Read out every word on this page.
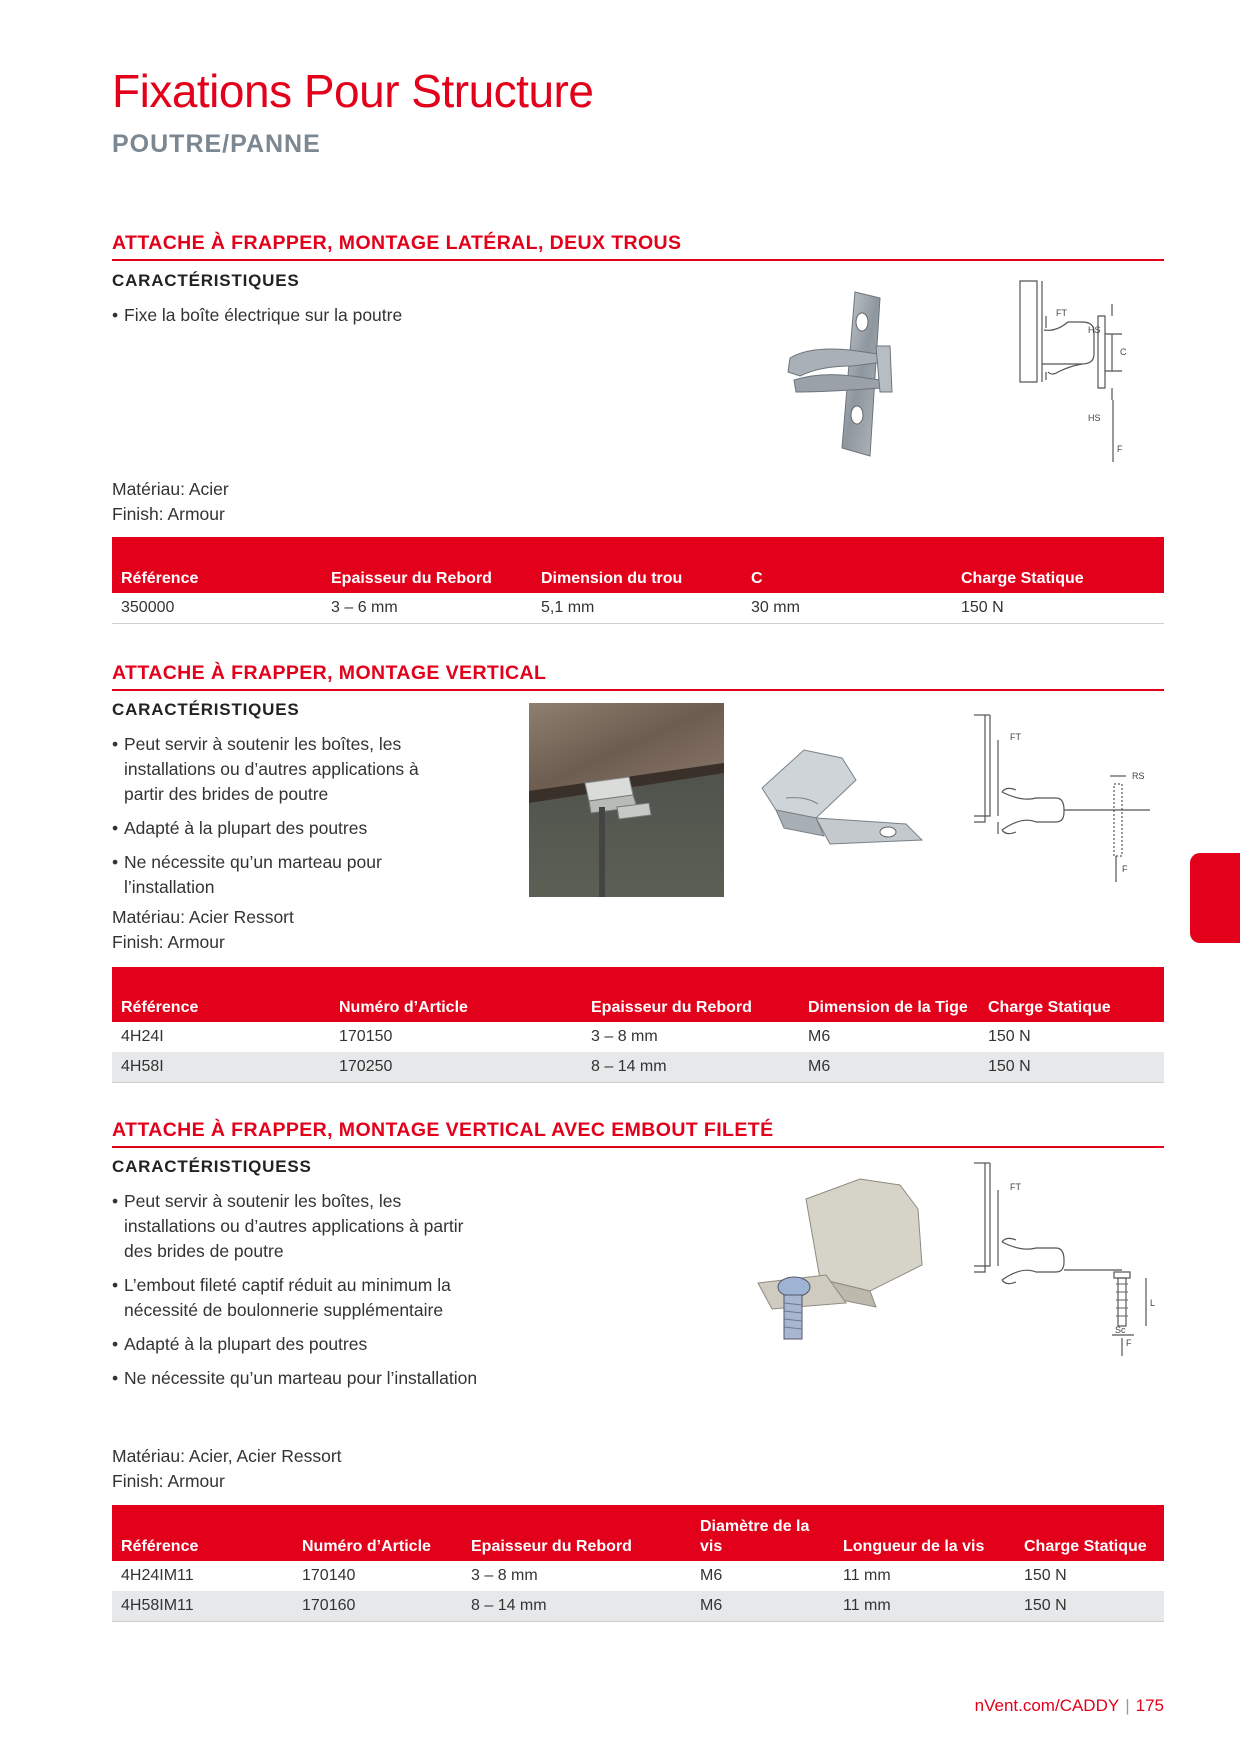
Fixations Pour Structure
POUTRE/PANNE
ATTACHE À FRAPPER, MONTAGE LATÉRAL, DEUX TROUS
CARACTÉRISTIQUES
• Fixe la boîte électrique sur la poutre	FT
HS
C
HS
F
Matériau: Acier
Finish: Armour
Référence	Epaisseur du Rebord	Dimension du trou	C	Charge Statique
350000	3 – 6 mm	5,1 mm	30 mm	150 N
ATTACHE À FRAPPER, MONTAGE VERTICAL
CARACTÉRISTIQUES
• Peut servir à soutenir les boîtes, les installations ou d’autres applications à partir des brides de poutre
• Adapté à la plupart des poutres
• Ne nécessite qu’un marteau pour l’installation
FT
RS
F
Matériau: Acier Ressort
Finish: Armour
Référence	Numéro d’Article	Epaisseur du Rebord	Dimension de la Tige	Charge Statique
4H24I	170150	3 – 8 mm	M6	150 N
4H58I	170250	8 – 14 mm	M6	150 N
ATTACHE À FRAPPER, MONTAGE VERTICAL AVEC EMBOUT FILETÉ
CARACTÉRISTIQUESS
• Peut servir à soutenir les boîtes, les installations ou d’autres applications à partir des brides de poutre
• L’embout fileté captif réduit au minimum la nécessité de boulonnerie supplémentaire
• Adapté à la plupart des poutres
• Ne nécessite qu’un marteau pour l’installation
FT
L
Sc
F
Matériau: Acier, Acier Ressort
Finish: Armour
Référence	Numéro d’Article	Epaisseur du Rebord	Diamètre de la vis	Longueur de la vis	Charge Statique
4H24IM11	170140	3 – 8 mm	M6	11 mm	150 N
4H58IM11	170160	8 – 14 mm	M6	11 mm	150 N
nVent.com/CADDY | 175
